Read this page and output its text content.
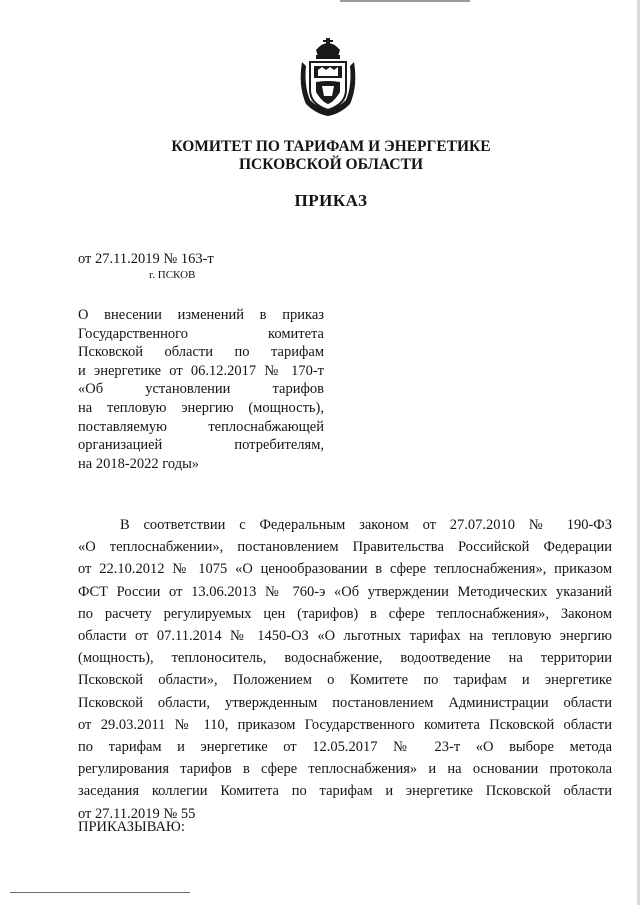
КОМИТЕТ ПО ТАРИФАМ И ЭНЕРГЕТИКЕ
ПСКОВСКОЙ ОБЛАСТИ
ПРИКАЗ
от 27.11.2019 № 163-т
г. ПСКОВ
О внесении изменений в приказ
Государственного комитета
Псковской области по тарифам
и энергетике от 06.12.2017 № 170-т
«Об установлении тарифов
на тепловую энергию (мощность),
поставляемую теплоснабжающей
организацией потребителям,
на 2018-2022 годы»
В соответствии с Федеральным законом от 27.07.2010 № 190-ФЗ
«О теплоснабжении», постановлением Правительства Российской Федерации
от 22.10.2012 № 1075 «О ценообразовании в сфере теплоснабжения», приказом
ФСТ России от 13.06.2013 № 760-э «Об утверждении Методических указаний
по расчету регулируемых цен (тарифов) в сфере теплоснабжения», Законом
области от 07.11.2014 № 1450-ОЗ «О льготных тарифах на тепловую энергию
(мощность), теплоноситель, водоснабжение, водоотведение на территории
Псковской области», Положением о Комитете по тарифам и энергетике
Псковской области, утвержденным постановлением Администрации области
от 29.03.2011 № 110, приказом Государственного комитета Псковской области
по тарифам и энергетике от 12.05.2017 № 23-т «О выборе метода
регулирования тарифов в сфере теплоснабжения» и на основании протокола
заседания коллегии Комитета по тарифам и энергетике Псковской области
от 27.11.2019 № 55
ПРИКАЗЫВАЮ:
